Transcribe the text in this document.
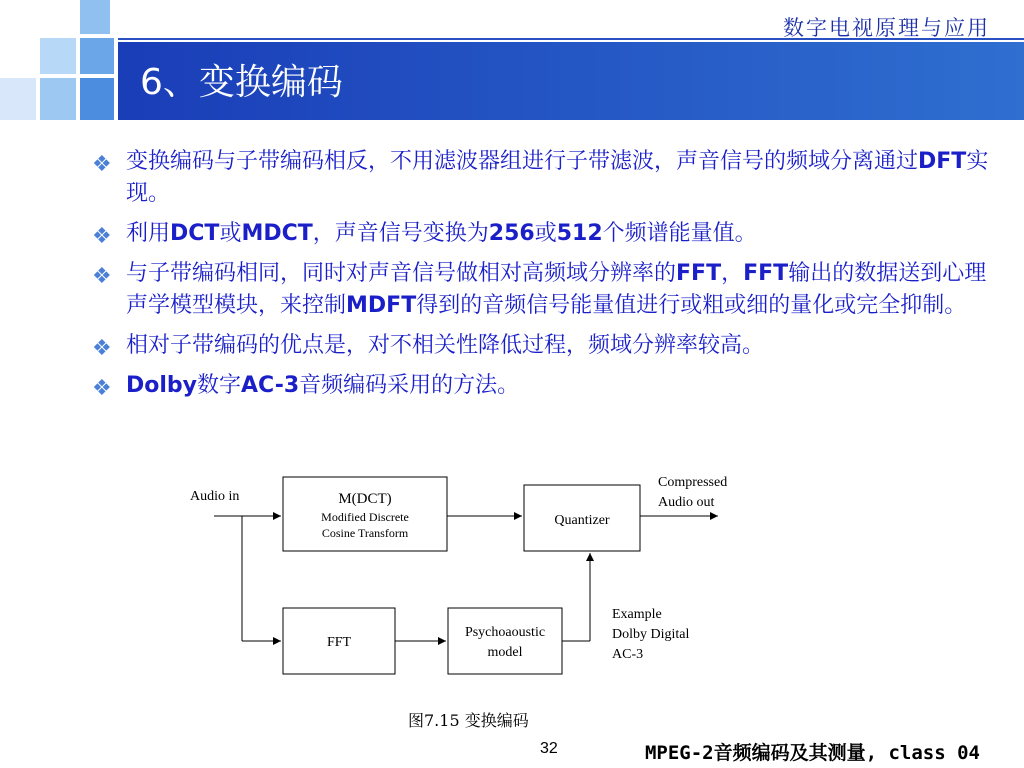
数字电视原理与应用
6、变换编码
❖ 变换编码与子带编码相反，不用滤波器组进行子带滤波，声音信号的频域分离通过DFT实现。
❖ 利用DCT或MDCT，声音信号变换为256或512个频谱能量值。
❖ 与子带编码相同，同时对声音信号做相对高频域分辨率的FFT，FFT输出的数据送到心理声学模型模块，来控制MDFT得到的音频信号能量值进行或粗或细的量化或完全抑制。
❖ 相对子带编码的优点是，对不相关性降低过程，频域分辨率较高。
❖ Dolby数字AC-3音频编码采用的方法。
Audio in	M(DCT)
Modified Discrete
Cosine Transform
Quantizer
Compressed
Audio out
FFT
Psychoaoustic
model
Example
Dolby Digital
AC-3
图7.15 变换编码
32	MPEG-2音频编码及其测量, class 04
